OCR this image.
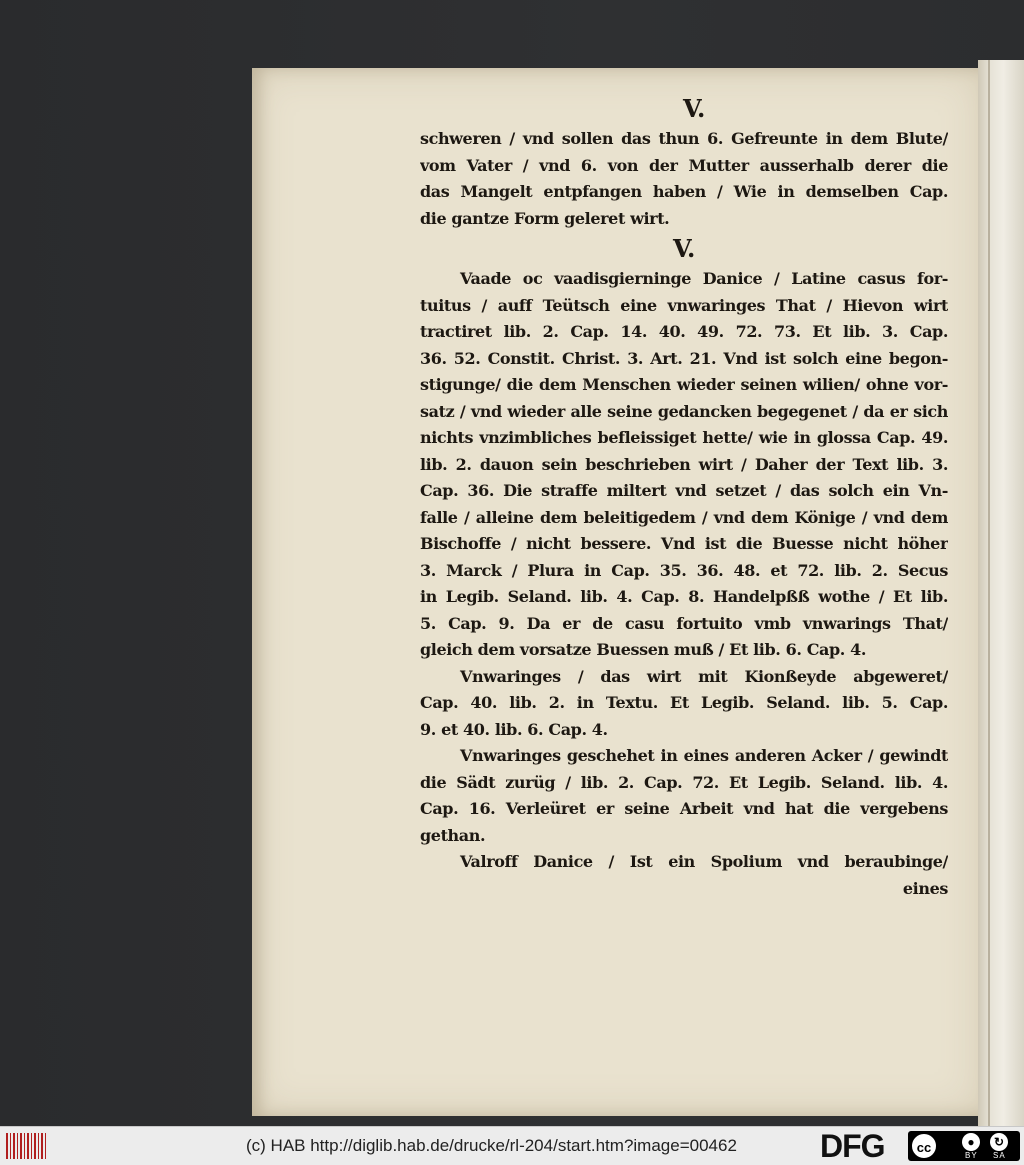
V.
schweren / vnd sollen das thun 6. Gefreunte in dem Blute/
vom Vater / vnd 6. von der Mutter ausserhalb derer die
das Mangelt entpfangen haben / Wie in demselben Cap.
die gantze Form geleret wirt.
V.
Vaade oc vaadisgierninge Danice / Latine casus for-
tuitus / auff Teütsch eine vnwaringes That / Hievon wirt
tractiret lib. 2. Cap. 14. 40. 49. 72. 73. Et lib. 3. Cap.
36. 52. Constit. Christ. 3. Art. 21. Vnd ist solch eine begon-
stigunge/ die dem Menschen wieder seinen wilien/ ohne vor-
satz / vnd wieder alle seine gedancken begegenet / da er sich
nichts vnzimbliches beflеissiget hette/ wie in glossa Cap. 49.
lib. 2. dauon sein beschrieben wirt / Daher der Text lib. 3.
Cap. 36. Die straffe miltert vnd setzet / das solch ein Vn-
falle / alleine dem beleitigedem / vnd dem Könige / vnd dem
Bischoffe / nicht bessere. Vnd ist die Buesse nicht höher
3. Marck / Plura in Cap. 35. 36. 48. et 72. lib. 2. Secus
in Legib. Seland. lib. 4. Cap. 8. Handelpßß wothe / Et lib.
5. Cap. 9. Da er de casu fortuito vmb vnwarings That/
gleich dem vorsatze Buessen muß / Et lib. 6. Cap. 4.
Vnwaringes / das wirt mit Kionßeyde abgeweret/
Cap. 40. lib. 2. in Textu. Et Legib. Seland. lib. 5. Cap.
9. et 40. lib. 6. Cap. 4.
Vnwaringes geschehet in eines anderen Acker / gewindt
die Sädt zurüg / lib. 2. Cap. 72. Et Legib. Seland. lib. 4.
Cap. 16. Verleüret er seine Arbeit vnd hat die vergebens
gethan.
Valroff Danice / Ist ein Spolium vnd beraubinge/
eines
(c) HAB http://diglib.hab.de/drucke/rl-204/start.htm?image=00462	DFG	cc	●	↻
BY SA
